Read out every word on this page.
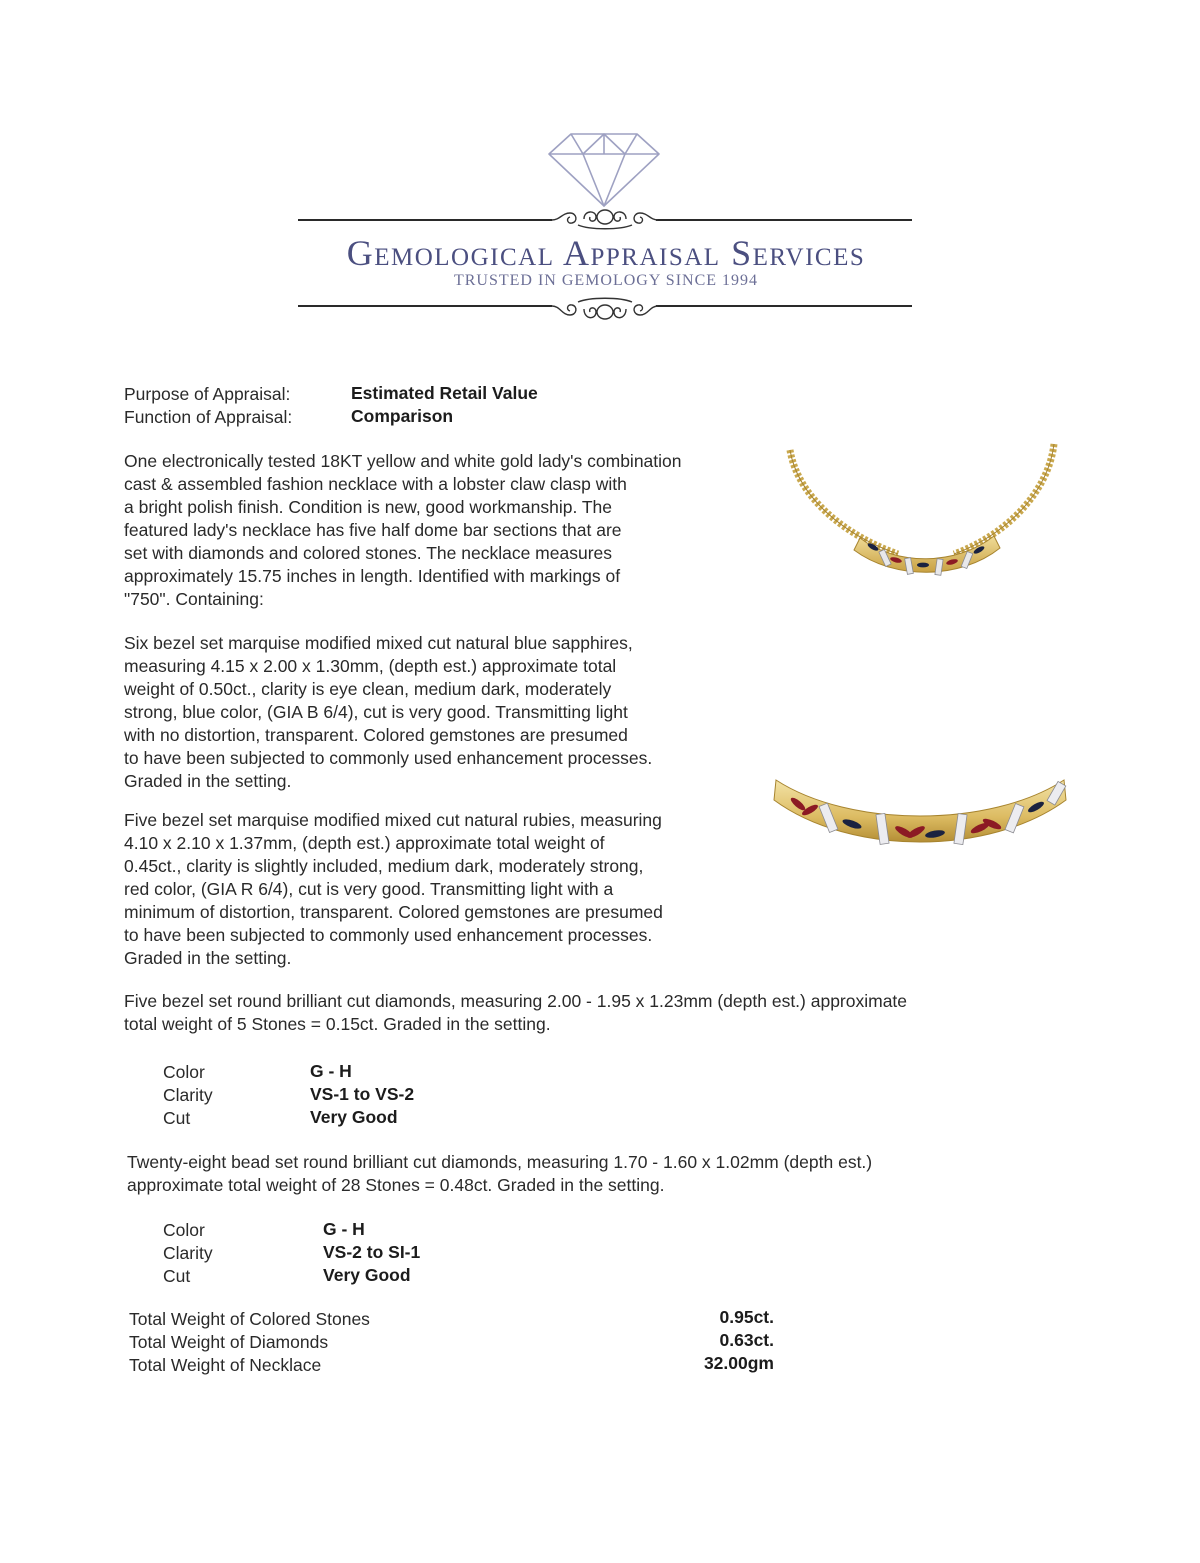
Gemological Appraisal Services
TRUSTED IN GEMOLOGY SINCE 1994
Purpose of Appraisal:	Estimated Retail Value
Function of Appraisal:	Comparison
One electronically tested 18KT yellow and white gold lady's combination
cast & assembled fashion necklace with a lobster claw clasp with
a bright polish finish. Condition is new, good workmanship. The
featured lady's necklace has five half dome bar sections that are
set with diamonds and colored stones. The necklace measures
approximately 15.75 inches in length. Identified with markings of
"750". Containing:
Six bezel set marquise modified mixed cut natural blue sapphires,
measuring 4.15 x 2.00 x 1.30mm, (depth est.) approximate total
weight of 0.50ct., clarity is eye clean, medium dark, moderately
strong, blue color, (GIA B 6/4), cut is very good. Transmitting light
with no distortion, transparent. Colored gemstones are presumed
to have been subjected to commonly used enhancement processes.
Graded in the setting.
Five bezel set marquise modified mixed cut natural rubies, measuring
4.10 x 2.10 x 1.37mm, (depth est.) approximate total weight of
0.45ct., clarity is slightly included, medium dark, moderately strong,
red color, (GIA R 6/4), cut is very good. Transmitting light with a
minimum of distortion, transparent. Colored gemstones are presumed
to have been subjected to commonly used enhancement processes.
Graded in the setting.
Five bezel set round brilliant cut diamonds, measuring 2.00 - 1.95 x 1.23mm (depth est.) approximate
total weight of 5 Stones = 0.15ct. Graded in the setting.
Color	G - H
Clarity	VS-1 to VS-2
Cut	Very Good
Twenty-eight bead set round brilliant cut diamonds, measuring 1.70 - 1.60 x 1.02mm (depth est.)
approximate total weight of 28 Stones = 0.48ct. Graded in the setting.
Color	G - H
Clarity	VS-2 to SI-1
Cut	Very Good
Total Weight of Colored Stones	0.95ct.
Total Weight of Diamonds	0.63ct.
Total Weight of Necklace	32.00gm
